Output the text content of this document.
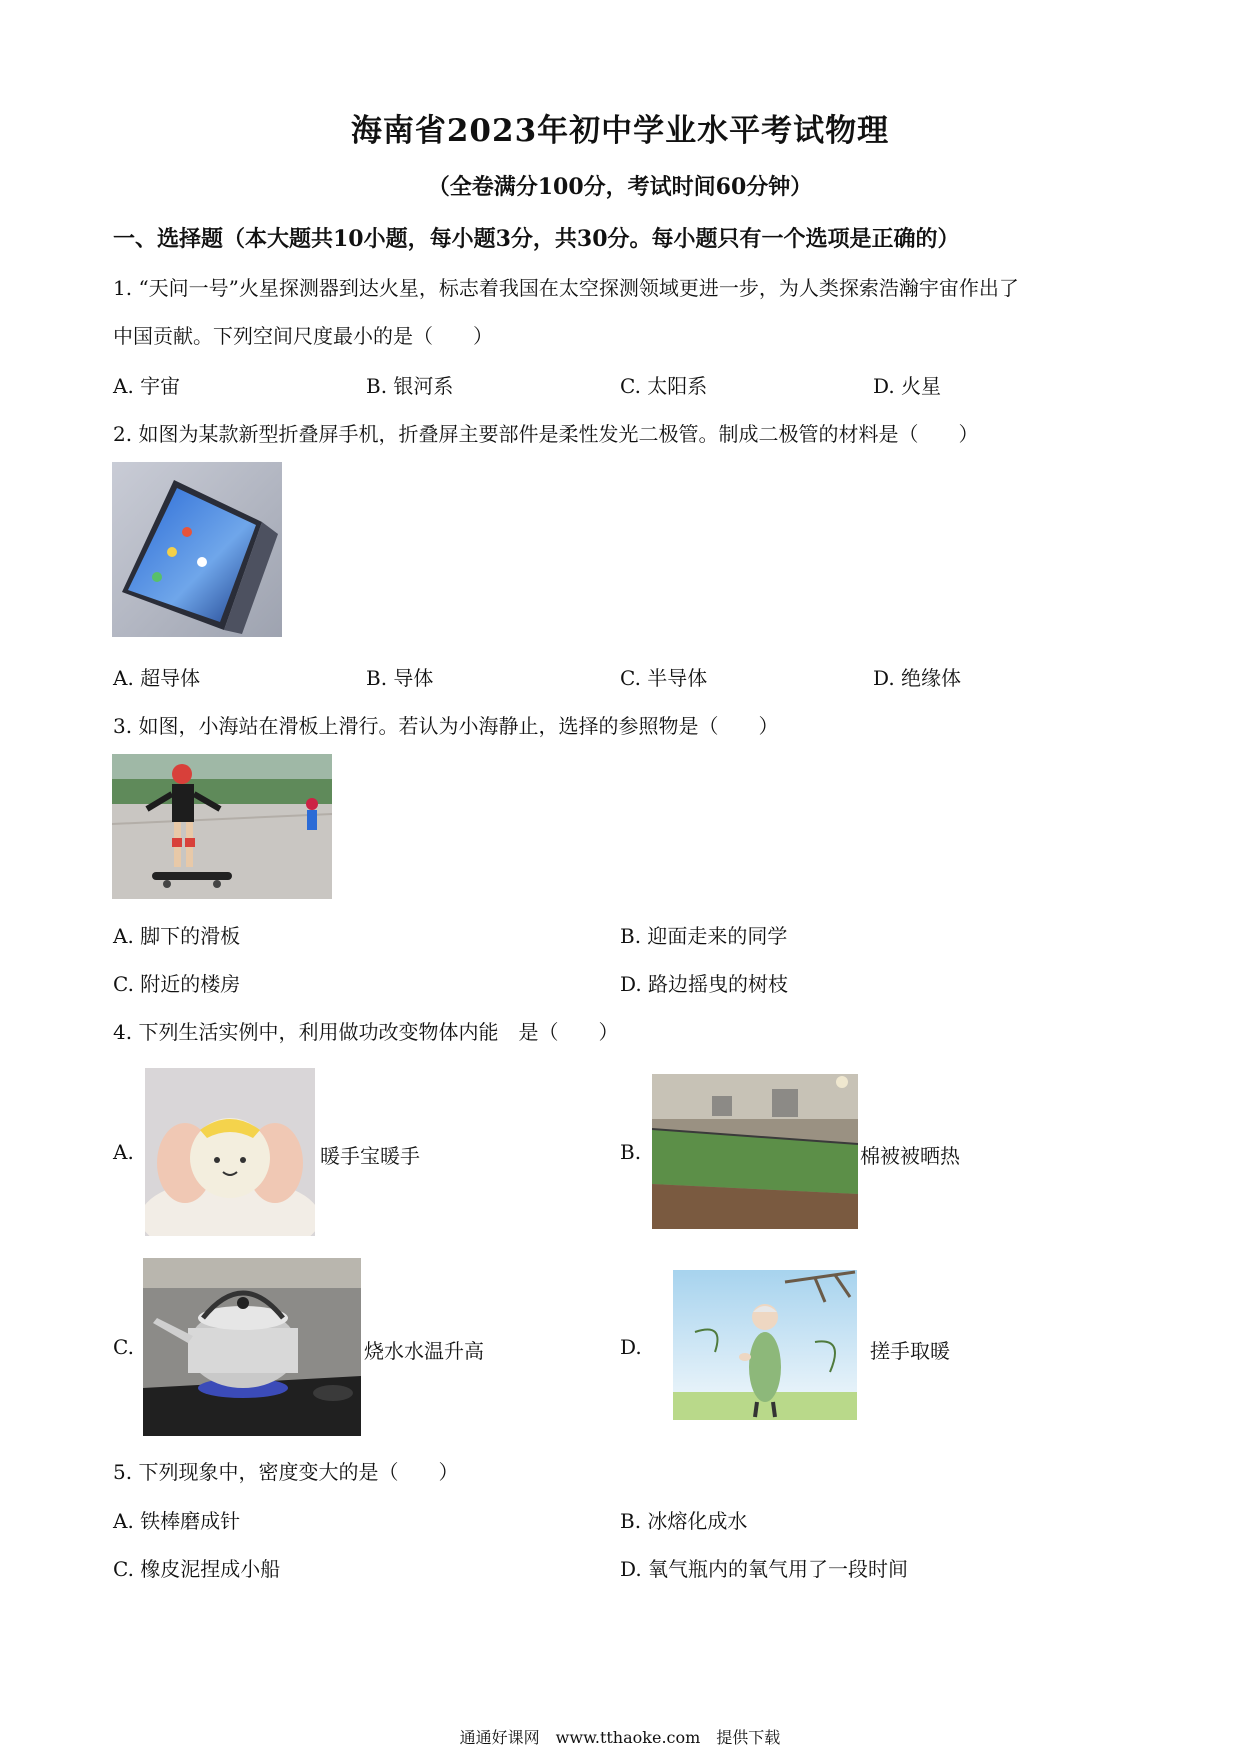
海南省2023年初中学业水平考试物理
（全卷满分100分，考试时间60分钟）
一、选择题（本大题共10小题，每小题3分，共30分。每小题只有一个选项是正确的）
1. “天问一号”火星探测器到达火星，标志着我国在太空探测领域更进一步，为人类探索浩瀚宇宙作出了
中国贡献。下列空间尺度最小的是（　　）
A. 宇宙	B. 银河系	C. 太阳系	D. 火星
2. 如图为某款新型折叠屏手机，折叠屏主要部件是柔性发光二极管。制成二极管的材料是（　　）
A. 超导体	B. 导体	C. 半导体	D. 绝缘体
3. 如图，小海站在滑板上滑行。若认为小海静止，选择的参照物是（　　）
A. 脚下的滑板	B. 迎面走来的同学
C. 附近的楼房	D. 路边摇曳的树枝
4. 下列生活实例中，利用做功改变物体内能　是（　　）
A.	暖手宝暖手	B.	棉被被晒热
C.	烧水水温升高	D.	搓手取暖
5. 下列现象中，密度变大的是（　　）
A. 铁棒磨成针	B. 冰熔化成水
C. 橡皮泥捏成小船	D. 氧气瓶内的氧气用了一段时间
通通好课网　www.tthaoke.com　提供下载
